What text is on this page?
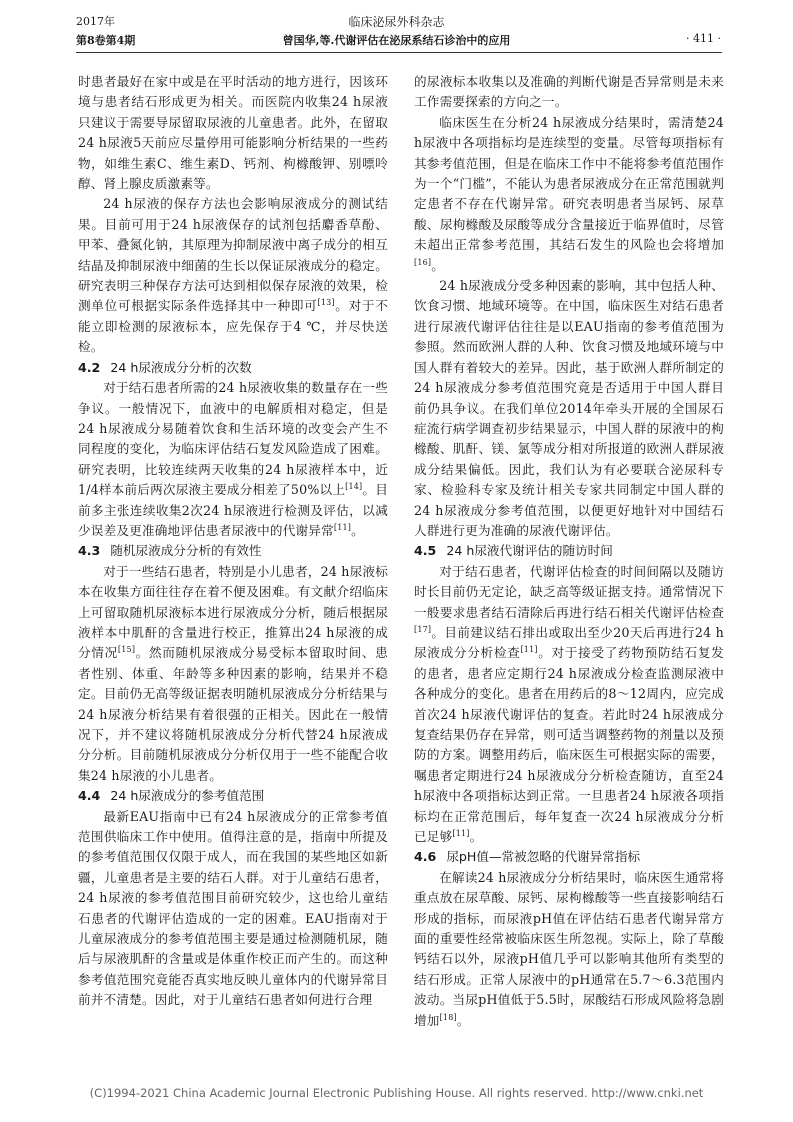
2017年
第8卷第4期
临床泌尿外科杂志
曾国华,等.代谢评估在泌尿系结石诊治中的应用	· 411 ·
时患者最好在家中或是在平时活动的地方进行，因该环境与患者结石形成更为相关。而医院内收集24 h尿液只建议于需要导尿留取尿液的儿童患者。此外，在留取24 h尿液5天前应尽量停用可能影响分析结果的一些药物，如维生素C、维生素D、钙剂、枸橼酸钾、别嘌呤醇、肾上腺皮质激素等。
24 h尿液的保存方法也会影响尿液成分的测试结果。目前可用于24 h尿液保存的试剂包括麝香草酚、甲苯、叠氮化钠，其原理为抑制尿液中离子成分的相互结晶及抑制尿液中细菌的生长以保证尿液成分的稳定。研究表明三种保存方法可达到相似保存尿液的效果，检测单位可根据实际条件选择其中一种即可[13]。对于不能立即检测的尿液标本，应先保存于4 ℃，并尽快送检。
4.2 24 h尿液成分分析的次数
对于结石患者所需的24 h尿液收集的数量存在一些争议。一般情况下，血液中的电解质相对稳定，但是24 h尿液成分易随着饮食和生活环境的改变会产生不同程度的变化，为临床评估结石复发风险造成了困难。研究表明，比较连续两天收集的24 h尿液样本中，近1/4样本前后两次尿液主要成分相差了50%以上[14]。目前多主张连续收集2次24 h尿液进行检测及评估，以减少误差及更准确地评估患者尿液中的代谢异常[11]。
4.3 随机尿液成分分析的有效性
对于一些结石患者，特别是小儿患者，24 h尿液标本在收集方面往往存在着不便及困难。有文献介绍临床上可留取随机尿液标本进行尿液成分分析，随后根据尿液样本中肌酐的含量进行校正，推算出24 h尿液的成分情况[15]。然而随机尿液成分易受标本留取时间、患者性别、体重、年龄等多种因素的影响，结果并不稳定。目前仍无高等级证据表明随机尿液成分分析结果与24 h尿液分析结果有着很强的正相关。因此在一般情况下，并不建议将随机尿液成分分析代替24 h尿液成分分析。目前随机尿液成分分析仅用于一些不能配合收集24 h尿液的小儿患者。
4.4 24 h尿液成分的参考值范围
最新EAU指南中已有24 h尿液成分的正常参考值范围供临床工作中使用。值得注意的是，指南中所提及的参考值范围仅仅限于成人，而在我国的某些地区如新疆，儿童患者是主要的结石人群。对于儿童结石患者，24 h尿液的参考值范围目前研究较少，这也给儿童结石患者的代谢评估造成的一定的困难。EAU指南对于儿童尿液成分的参考值范围主要是通过检测随机尿，随后与尿液肌酐的含量或是体重作校正而产生的。而这种参考值范围究竟能否真实地反映儿童体内的代谢异常目前并不清楚。因此，对于儿童结石患者如何进行合理
的尿液标本收集以及准确的判断代谢是否异常则是未来工作需要探索的方向之一。
临床医生在分析24 h尿液成分结果时，需清楚24 h尿液中各项指标均是连续型的变量。尽管每项指标有其参考值范围，但是在临床工作中不能将参考值范围作为一个“门槛”，不能认为患者尿液成分在正常范围就判定患者不存在代谢异常。研究表明患者当尿钙、尿草酸、尿枸橼酸及尿酸等成分含量接近于临界值时，尽管未超出正常参考范围，其结石发生的风险也会将增加[16]。
24 h尿液成分受多种因素的影响，其中包括人种、饮食习惯、地域环境等。在中国，临床医生对结石患者进行尿液代谢评估往往是以EAU指南的参考值范围为参照。然而欧洲人群的人种、饮食习惯及地域环境与中国人群有着较大的差异。因此，基于欧洲人群所制定的24 h尿液成分参考值范围究竟是否适用于中国人群目前仍具争议。在我们单位2014年牵头开展的全国尿石症流行病学调查初步结果显示，中国人群的尿液中的枸橼酸、肌酐、镁、氯等成分相对所报道的欧洲人群尿液成分结果偏低。因此，我们认为有必要联合泌尿科专家、检验科专家及统计相关专家共同制定中国人群的24 h尿液成分参考值范围，以便更好地针对中国结石人群进行更为准确的尿液代谢评估。
4.5 24 h尿液代谢评估的随访时间
对于结石患者，代谢评估检查的时间间隔以及随访时长目前仍无定论，缺乏高等级证据支持。通常情况下一般要求患者结石清除后再进行结石相关代谢评估检查[17]。目前建议结石排出或取出至少20天后再进行24 h尿液成分分析检查[11]。对于接受了药物预防结石复发的患者，患者应定期行24 h尿液成分检查监测尿液中各种成分的变化。患者在用药后的8～12周内，应完成首次24 h尿液代谢评估的复查。若此时24 h尿液成分复查结果仍存在异常，则可适当调整药物的剂量以及预防的方案。调整用药后，临床医生可根据实际的需要，嘱患者定期进行24 h尿液成分分析检查随访，直至24 h尿液中各项指标达到正常。一旦患者24 h尿液各项指标均在正常范围后，每年复查一次24 h尿液成分分析已足够[11]。
4.6 尿pH值—常被忽略的代谢异常指标
在解读24 h尿液成分分析结果时，临床医生通常将重点放在尿草酸、尿钙、尿枸橼酸等一些直接影响结石形成的指标，而尿液pH值在评估结石患者代谢异常方面的重要性经常被临床医生所忽视。实际上，除了草酸钙结石以外，尿液pH值几乎可以影响其他所有类型的结石形成。正常人尿液中的pH通常在5.7～6.3范围内波动。当尿pH值低于5.5时，尿酸结石形成风险将急剧增加[18]。
(C)1994-2021 China Academic Journal Electronic Publishing House. All rights reserved. http://www.cnki.net
